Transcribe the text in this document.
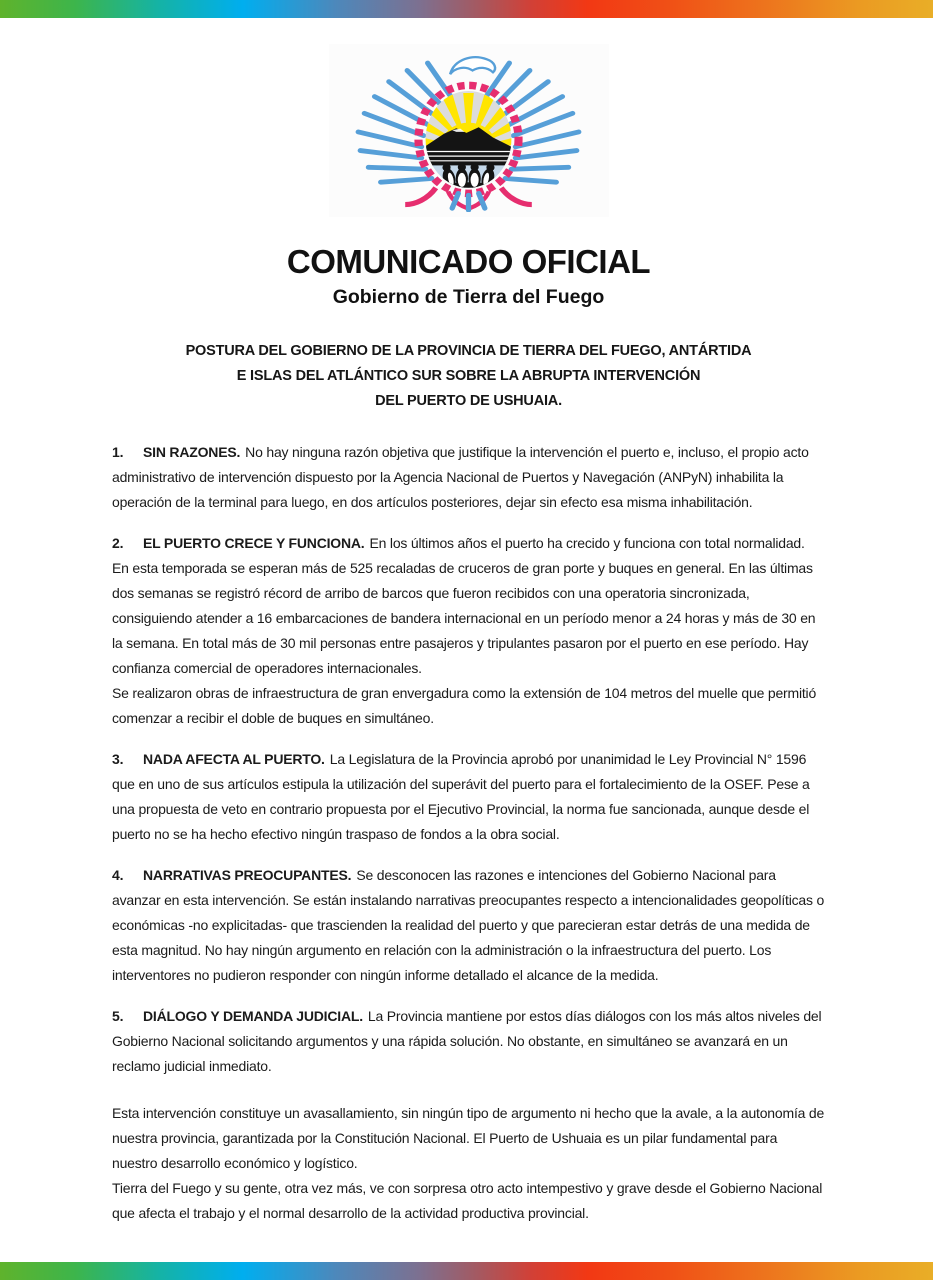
COMUNICADO OFICIAL
Gobierno de Tierra del Fuego
POSTURA DEL GOBIERNO DE LA PROVINCIA DE TIERRA DEL FUEGO, ANTÁRTIDA
E ISLAS DEL ATLÁNTICO SUR SOBRE LA ABRUPTA INTERVENCIÓN
DEL PUERTO DE USHUAIA.
1. SIN RAZONES. No hay ninguna razón objetiva que justifique la intervención el puerto e, incluso, el propio acto administrativo de intervención dispuesto por la Agencia Nacional de Puertos y Navegación (ANPyN) inhabilita la operación de la terminal para luego, en dos artículos posteriores, dejar sin efecto esa misma inhabilitación.
2. EL PUERTO CRECE Y FUNCIONA. En los últimos años el puerto ha crecido y funciona con total normalidad. En esta temporada se esperan más de 525 recaladas de cruceros de gran porte y buques en general. En las últimas dos semanas se registró récord de arribo de barcos que fueron recibidos con una operatoria sincronizada, consiguiendo atender a 16 embarcaciones de bandera internacional en un período menor a 24 horas y más de 30 en la semana. En total más de 30 mil personas entre pasajeros y tripulantes pasaron por el puerto en ese período. Hay confianza comercial de operadores internacionales.
Se realizaron obras de infraestructura de gran envergadura como la extensión de 104 metros del muelle que permitió comenzar a recibir el doble de buques en simultáneo.
3. NADA AFECTA AL PUERTO. La Legislatura de la Provincia aprobó por unanimidad le Ley Provincial N° 1596 que en uno de sus artículos estipula la utilización del superávit del puerto para el fortalecimiento de la OSEF. Pese a una propuesta de veto en contrario propuesta por el Ejecutivo Provincial, la norma fue sancionada, aunque desde el puerto no se ha hecho efectivo ningún traspaso de fondos a la obra social.
4. NARRATIVAS PREOCUPANTES. Se desconocen las razones e intenciones del Gobierno Nacional para avanzar en esta intervención. Se están instalando narrativas preocupantes respecto a intencionalidades geopolíticas o económicas -no explicitadas- que trascienden la realidad del puerto y que parecieran estar detrás de una medida de esta magnitud. No hay ningún argumento en relación con la administración o la infraestructura del puerto. Los interventores no pudieron responder con ningún informe detallado el alcance de la medida.
5. DIÁLOGO Y DEMANDA JUDICIAL. La Provincia mantiene por estos días diálogos con los más altos niveles del Gobierno Nacional solicitando argumentos y una rápida solución. No obstante, en simultáneo se avanzará en un reclamo judicial inmediato.
Esta intervención constituye un avasallamiento, sin ningún tipo de argumento ni hecho que la avale, a la autonomía de nuestra provincia, garantizada por la Constitución Nacional. El Puerto de Ushuaia es un pilar fundamental para nuestro desarrollo económico y logístico.
Tierra del Fuego y su gente, otra vez más, ve con sorpresa otro acto intempestivo y grave desde el Gobierno Nacional que afecta el trabajo y el normal desarrollo de la actividad productiva provincial.
